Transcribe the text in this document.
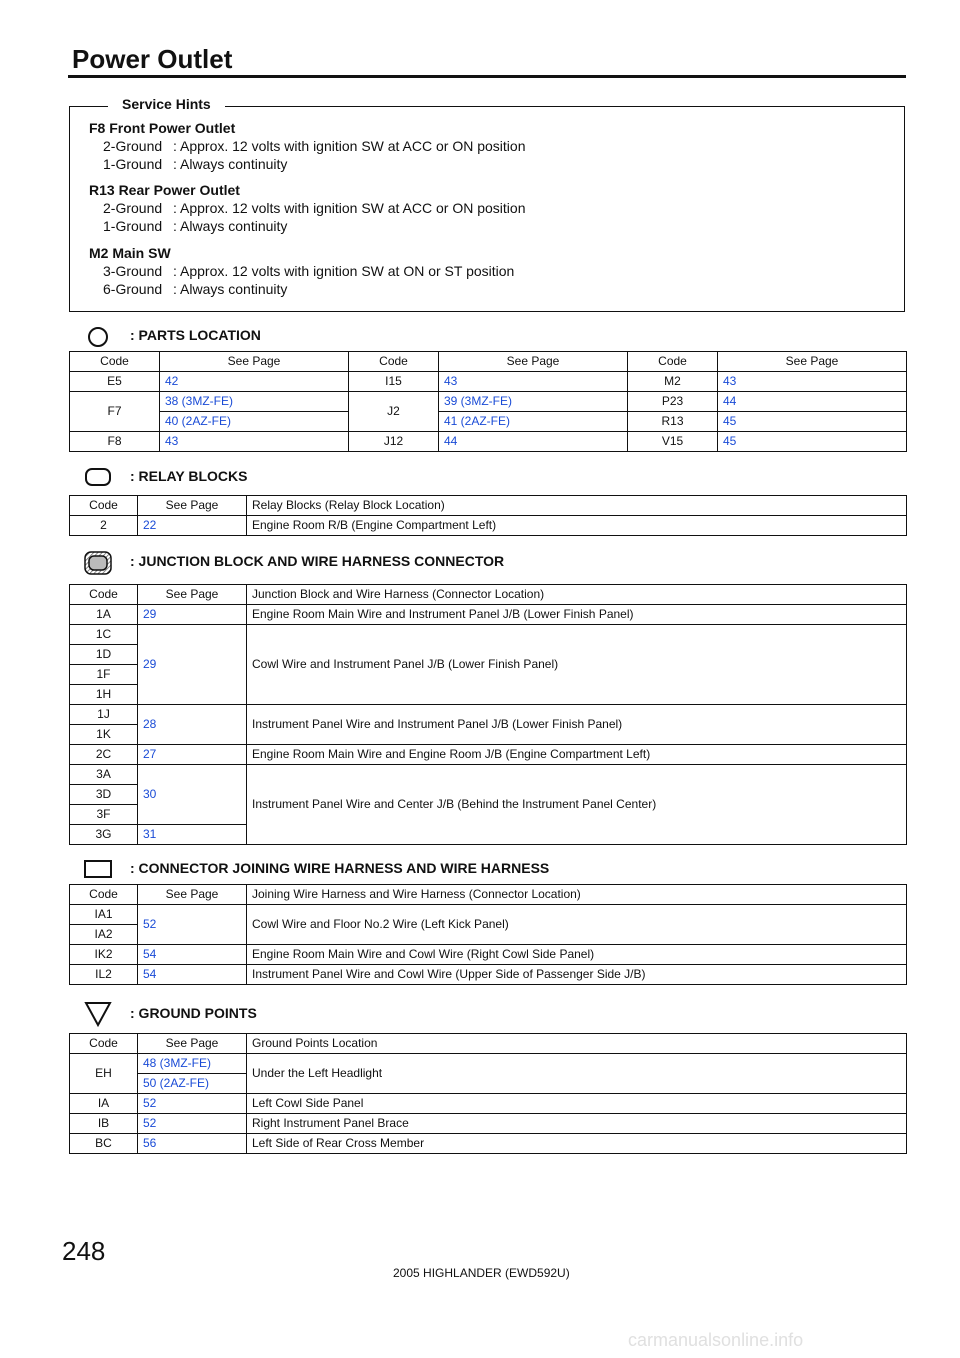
Power Outlet
Service Hints
F8 Front Power Outlet
2-Ground : Approx. 12 volts with ignition SW at ACC or ON position
1-Ground : Always continuity
R13 Rear Power Outlet
2-Ground : Approx. 12 volts with ignition SW at ACC or ON position
1-Ground : Always continuity
M2 Main SW
3-Ground : Approx. 12 volts with ignition SW at ON or ST position
6-Ground : Always continuity
: PARTS LOCATION
Code	See Page	Code	See Page	Code	See Page
E5	42	I15	43	M2	43
F7	38 (3MZ-FE)	J2	39 (3MZ-FE)	P23	44
	40 (2AZ-FE)		41 (2AZ-FE)	R13	45
F8	43	J12	44	V15	45
: RELAY BLOCKS
Code	See Page	Relay Blocks (Relay Block Location)
2	22	Engine Room R/B (Engine Compartment Left)
: JUNCTION BLOCK AND WIRE HARNESS CONNECTOR
Code	See Page	Junction Block and Wire Harness (Connector Location)
1A	29	Engine Room Main Wire and Instrument Panel J/B (Lower Finish Panel)
1C	29	Cowl Wire and Instrument Panel J/B (Lower Finish Panel)
1D		
1F		
1H		
1J	28	Instrument Panel Wire and Instrument Panel J/B (Lower Finish Panel)
1K		
2C	27	Engine Room Main Wire and Engine Room J/B (Engine Compartment Left)
3A	30	Instrument Panel Wire and Center J/B (Behind the Instrument Panel Center)
3D		
3F		
3G	31	
: CONNECTOR JOINING WIRE HARNESS AND WIRE HARNESS
Code	See Page	Joining Wire Harness and Wire Harness (Connector Location)
IA1	52	Cowl Wire and Floor No.2 Wire (Left Kick Panel)
IA2		
IK2	54	Engine Room Main Wire and Cowl Wire (Right Cowl Side Panel)
IL2	54	Instrument Panel Wire and Cowl Wire (Upper Side of Passenger Side J/B)
: GROUND POINTS
Code	See Page	Ground Points Location
EH	48 (3MZ-FE)	Under the Left Headlight
	50 (2AZ-FE)	
IA	52	Left Cowl Side Panel
IB	52	Right Instrument Panel Brace
BC	56	Left Side of Rear Cross Member
248
2005 HIGHLANDER (EWD592U)
carmanualsonline.info
